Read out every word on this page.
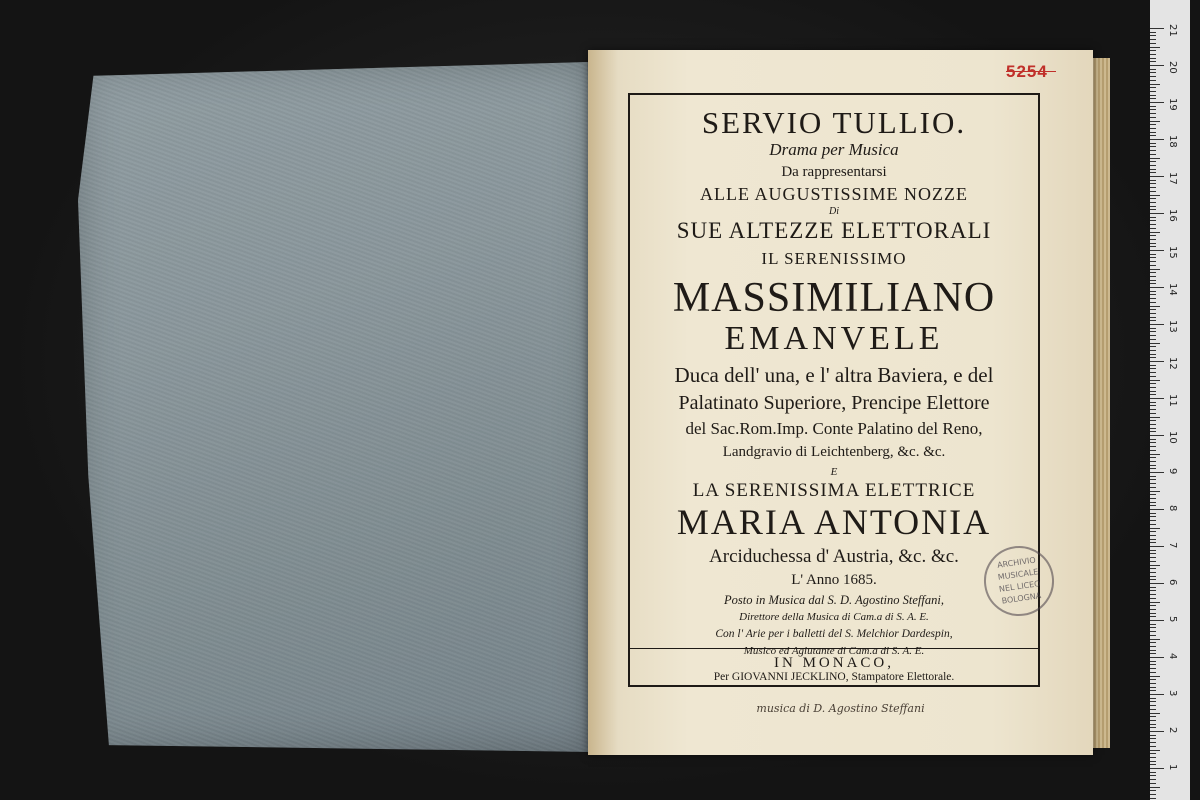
5254
SERVIO TULLIO.
Drama per Musica
Da rappresentarsi
ALLE AUGUSTISSIME NOZZE
Di
SUE ALTEZZE ELETTORALI
IL SERENISSIMO
MASSIMILIANO
EMANVELE
Duca dell' una, e l' altra Baviera, e del
Palatinato Superiore, Prencipe Elettore
del Sac.Rom.Imp. Conte Palatino del Reno,
Landgravio di Leichtenberg, &c. &c.
E
LA SERENISSIMA ELETTRICE
MARIA ANTONIA
Arciduchessa d' Austria, &c. &c.
L' Anno 1685.
Posto in Musica dal S. D. Agostino Steffani,
Direttore della Musica di Cam.a di S. A. E.
Con l' Arie per i balletti del S. Melchior Dardespin,
Musico ed Agiutante di Cam.a di S. A. E.
IN MONACO,
Per GIOVANNI JECKLINO, Stampatore Elettorale.
ARCHIVIO
MUSICALE
NEL LICEO
BOLOGNA
musica di D. Agostino Steffani
21
20
19
18
17
16
15
14
13
12
11
10
9
8
7
6
5
4
3
2
1
